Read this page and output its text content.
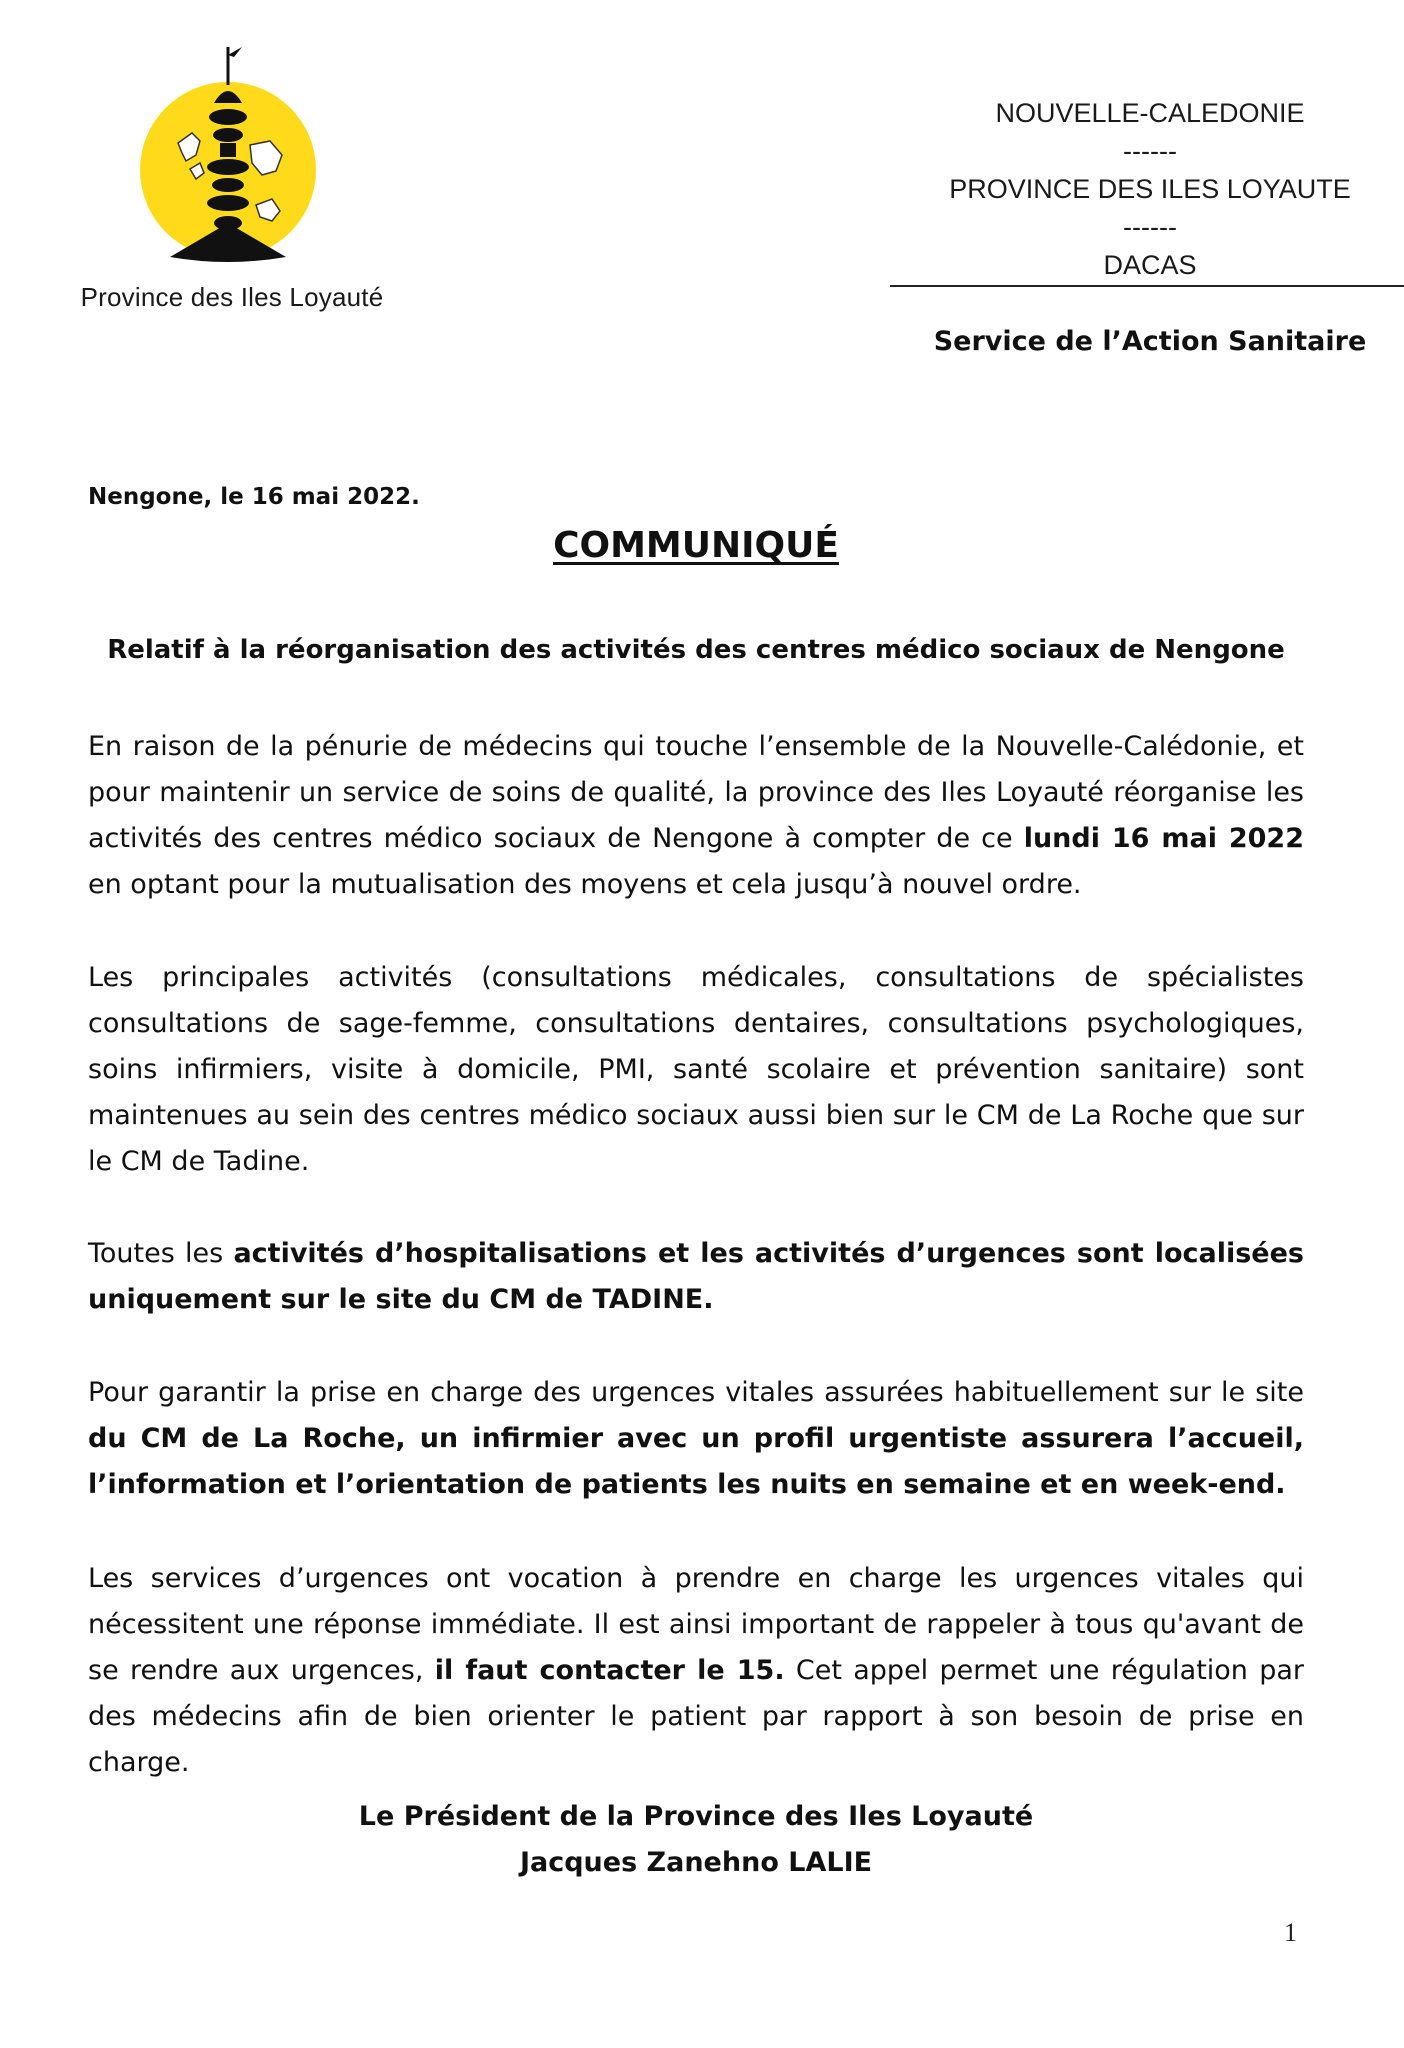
Province des Iles Loyauté
NOUVELLE-CALEDONIE
------
PROVINCE DES ILES LOYAUTE
------
DACAS
Service de l’Action Sanitaire
Nengone, le 16 mai 2022.
COMMUNIQUÉ
Relatif à la réorganisation des activités des centres médico sociaux de Nengone

En raison de la pénurie de médecins qui touche l’ensemble de la Nouvelle-Calédonie, et pour maintenir un service de soins de qualité, la province des Iles Loyauté réorganise les activités des centres médico sociaux de Nengone à compter de ce lundi 16 mai 2022 en optant pour la mutualisation des moyens et cela jusqu’à nouvel ordre.

Les principales activités (consultations médicales, consultations de spécialistes consultations de sage-femme, consultations dentaires, consultations psychologiques, soins infirmiers, visite à domicile, PMI, santé scolaire et prévention sanitaire) sont maintenues au sein des centres médico sociaux aussi bien sur le CM de La Roche que sur le CM de Tadine.

Toutes les activités d’hospitalisations et les activités d’urgences sont localisées uniquement sur le site du CM de TADINE.

Pour garantir la prise en charge des urgences vitales assurées habituellement sur le site du CM de La Roche, un infirmier avec un profil urgentiste assurera l’accueil, l’information et l’orientation de patients les nuits en semaine et en week-end.

Les services d’urgences ont vocation à prendre en charge les urgences vitales qui nécessitent une réponse immédiate. Il est ainsi important de rappeler à tous qu'avant de se rendre aux urgences, il faut contacter le 15. Cet appel permet une régulation par des médecins afin de bien orienter le patient par rapport à son besoin de prise en charge.

Le Président de la Province des Iles Loyauté
Jacques Zanehno LALIE
1
